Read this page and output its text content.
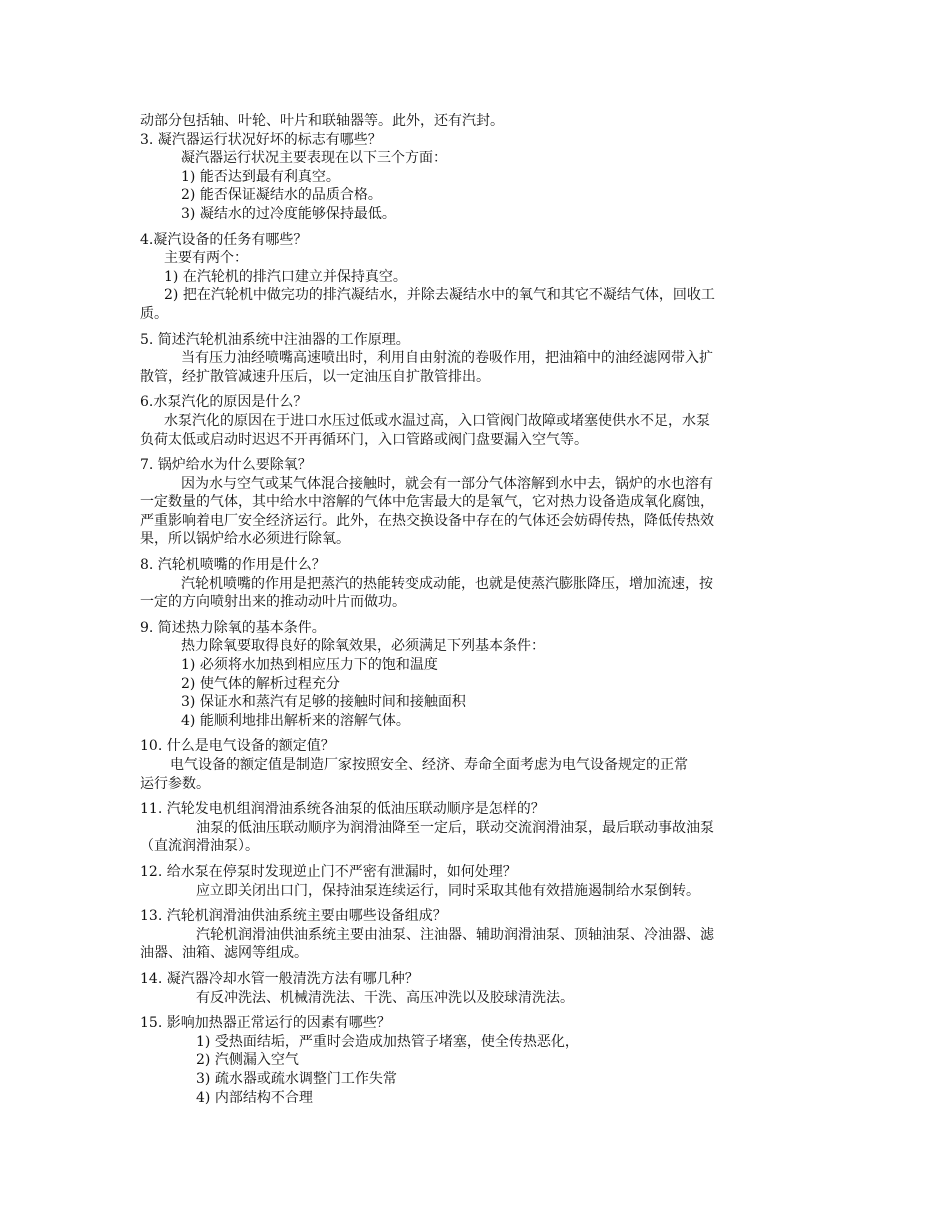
动部分包括轴、叶轮、叶片和联轴器等。此外，还有汽封。
3. 凝汽器运行状况好坏的标志有哪些？
凝汽器运行状况主要表现在以下三个方面：
1) 能否达到最有利真空。
2) 能否保证凝结水的品质合格。
3) 凝结水的过冷度能够保持最低。
4.凝汽设备的任务有哪些？
主要有两个：
1) 在汽轮机的排汽口建立并保持真空。
2) 把在汽轮机中做完功的排汽凝结水，并除去凝结水中的氧气和其它不凝结气体，回收工
质。
5. 简述汽轮机油系统中注油器的工作原理。
当有压力油经喷嘴高速喷出时，利用自由射流的卷吸作用，把油箱中的油经滤网带入扩
散管，经扩散管减速升压后，以一定油压自扩散管排出。
6.水泵汽化的原因是什么？
水泵汽化的原因在于进口水压过低或水温过高，入口管阀门故障或堵塞使供水不足，水泵
负荷太低或启动时迟迟不开再循环门，入口管路或阀门盘要漏入空气等。
7. 锅炉给水为什么要除氧？
因为水与空气或某气体混合接触时，就会有一部分气体溶解到水中去，锅炉的水也溶有
一定数量的气体，其中给水中溶解的气体中危害最大的是氧气，它对热力设备造成氧化腐蚀，
严重影响着电厂安全经济运行。此外，在热交换设备中存在的气体还会妨碍传热，降低传热效
果，所以锅炉给水必须进行除氧。
8. 汽轮机喷嘴的作用是什么？
汽轮机喷嘴的作用是把蒸汽的热能转变成动能，也就是使蒸汽膨胀降压，增加流速，按
一定的方向喷射出来的推动动叶片而做功。
9. 简述热力除氧的基本条件。
热力除氧要取得良好的除氧效果，必须满足下列基本条件：
1) 必须将水加热到相应压力下的饱和温度
2) 使气体的解析过程充分
3) 保证水和蒸汽有足够的接触时间和接触面积
4) 能顺利地排出解析来的溶解气体。
10. 什么是电气设备的额定值？
电气设备的额定值是制造厂家按照安全、经济、寿命全面考虑为电气设备规定的正常
运行参数。
11. 汽轮发电机组润滑油系统各油泵的低油压联动顺序是怎样的？
油泵的低油压联动顺序为润滑油降至一定后，联动交流润滑油泵，最后联动事故油泵
（直流润滑油泵）。
12. 给水泵在停泵时发现逆止门不严密有泄漏时，如何处理？
应立即关闭出口门，保持油泵连续运行，同时采取其他有效措施遏制给水泵倒转。
13. 汽轮机润滑油供油系统主要由哪些设备组成？
汽轮机润滑油供油系统主要由油泵、注油器、辅助润滑油泵、顶轴油泵、冷油器、滤
油器、油箱、滤网等组成。
14. 凝汽器冷却水管一般清洗方法有哪几种？
有反冲洗法、机械清洗法、干洗、高压冲洗以及胶球清洗法。
15. 影响加热器正常运行的因素有哪些？
1) 受热面结垢，严重时会造成加热管子堵塞，使全传热恶化，
2) 汽侧漏入空气
3) 疏水器或疏水调整门工作失常
4) 内部结构不合理
